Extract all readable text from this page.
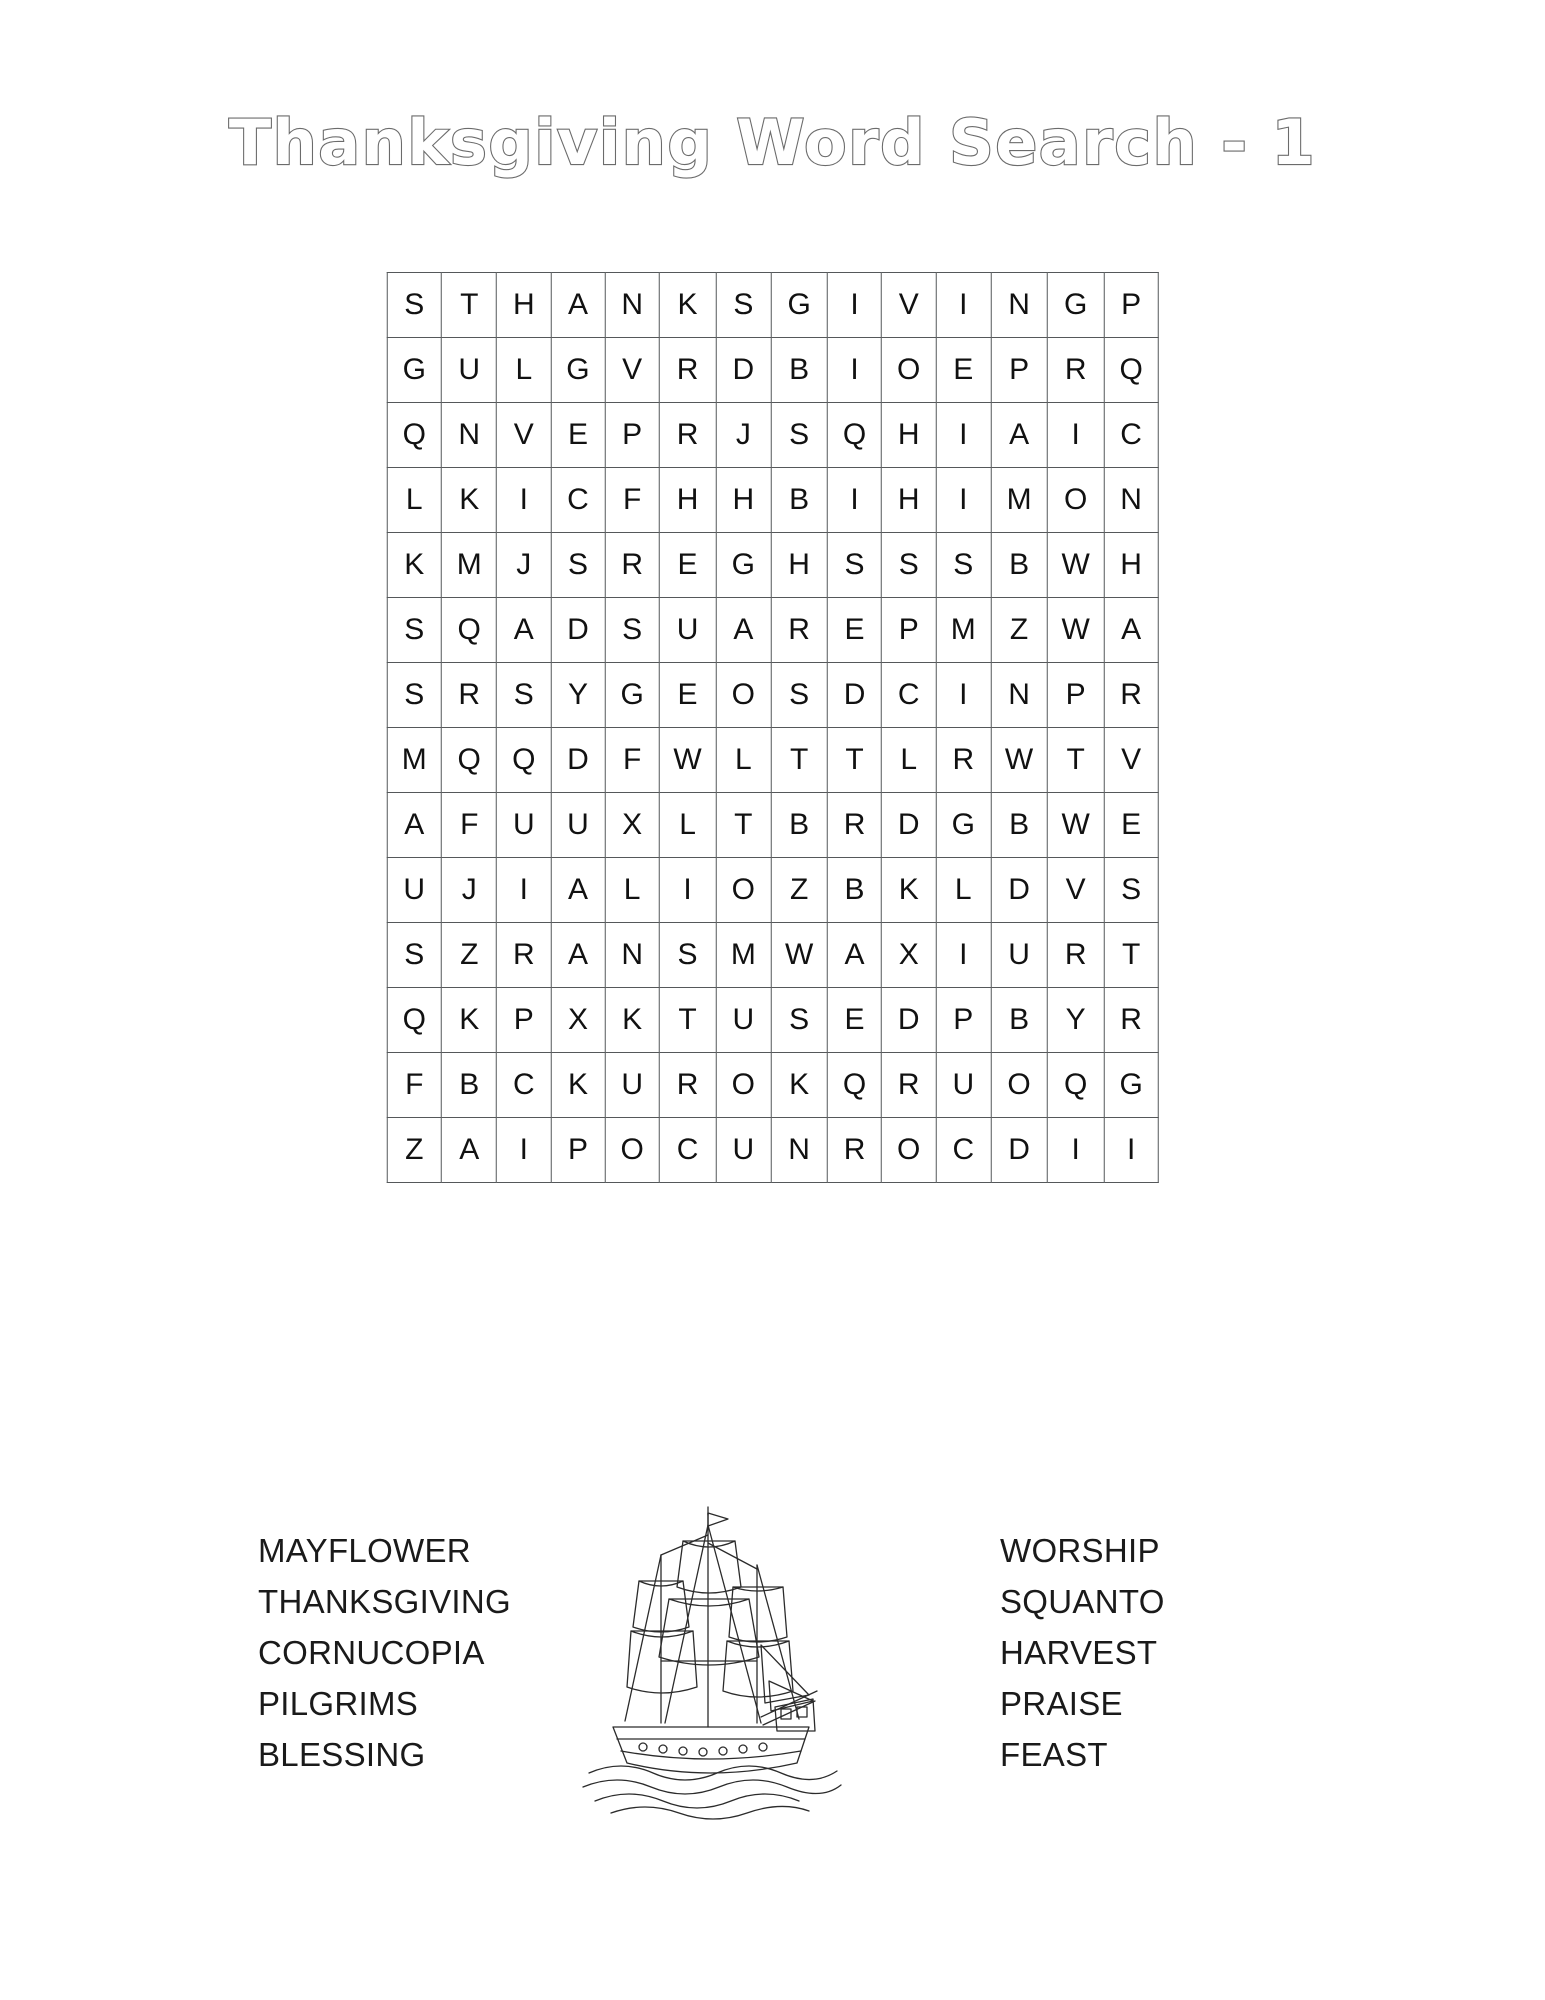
Thanksgiving Word Search - 1
S	T	H	A	N	K	S	G	I	V	I	N	G	P
G	U	L	G	V	R	D	B	I	O	E	P	R	Q
Q	N	V	E	P	R	J	S	Q	H	I	A	I	C
L	K	I	C	F	H	H	B	I	H	I	M	O	N
K	M	J	S	R	E	G	H	S	S	S	B	W	H
S	Q	A	D	S	U	A	R	E	P	M	Z	W	A
S	R	S	Y	G	E	O	S	D	C	I	N	P	R
M	Q	Q	D	F	W	L	T	T	L	R	W	T	V
A	F	U	U	X	L	T	B	R	D	G	B	W	E
U	J	I	A	L	I	O	Z	B	K	L	D	V	S
S	Z	R	A	N	S	M	W	A	X	I	U	R	T
Q	K	P	X	K	T	U	S	E	D	P	B	Y	R
F	B	C	K	U	R	O	K	Q	R	U	O	Q	G
Z	A	I	P	O	C	U	N	R	O	C	D	I	I
MAYFLOWER
THANKSGIVING
CORNUCOPIA
PILGRIMS
BLESSING
WORSHIP
SQUANTO
HARVEST
PRAISE
FEAST
